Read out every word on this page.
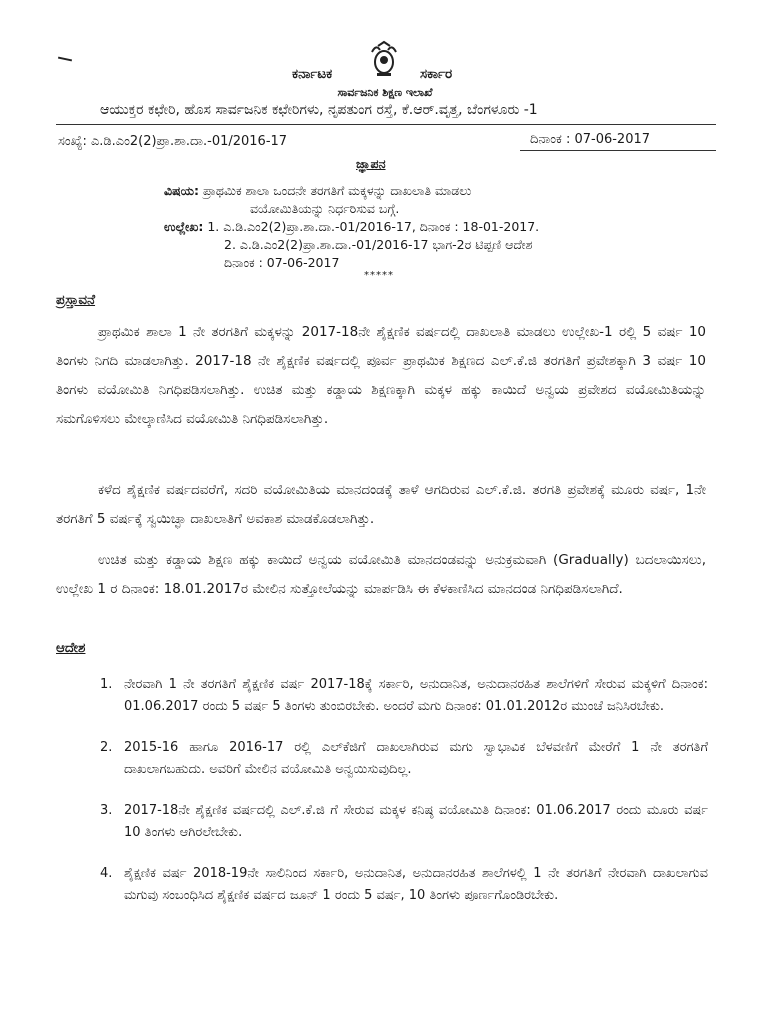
ಕರ್ನಾಟಕ	ಸರ್ಕಾರ
ಸಾರ್ವಜನಿಕ ಶಿಕ್ಷಣ ಇಲಾಖೆ
ಆಯುಕ್ತರ ಕಛೇರಿ, ಹೊಸ ಸಾರ್ವಜನಿಕ ಕಛೇರಿಗಳು, ನೃಪತುಂಗ ರಸ್ತೆ, ಕೆ.ಆರ್.ವೃತ್ತ, ಬೆಂಗಳೂರು -1
ಸಂಖ್ಯೆ: ಎ.ಡಿ.ಎಂ2(2)ಪ್ರಾ.ಶಾ.ದಾ.-01/2016-17	ದಿನಾಂಕ : 07-06-2017
ಜ್ಞಾಪನ
ವಿಷಯ: ಪ್ರಾಥಮಿಕ ಶಾಲಾ ಒಂದನೇ ತರಗತಿಗೆ ಮಕ್ಕಳನ್ನು ದಾಖಲಾತಿ ಮಾಡಲು
ವಯೋಮಿತಿಯನ್ನು ನಿರ್ಧರಿಸುವ ಬಗ್ಗೆ.
ಉಲ್ಲೇಖ: 1. ಎ.ಡಿ.ಎಂ2(2)ಪ್ರಾ.ಶಾ.ದಾ.-01/2016-17, ದಿನಾಂಕ : 18-01-2017.
2. ಎ.ಡಿ.ಎಂ2(2)ಪ್ರಾ.ಶಾ.ದಾ.-01/2016-17 ಭಾಗ-2ರ ಟಿಪ್ಪಣಿ ಆದೇಶ
ದಿನಾಂಕ : 07-06-2017
*****
ಪ್ರಸ್ತಾವನೆ

ಪ್ರಾಥಮಿಕ ಶಾಲಾ 1 ನೇ ತರಗತಿಗೆ ಮಕ್ಕಳನ್ನು 2017-18ನೇ ಶೈಕ್ಷಣಿಕ ವರ್ಷದಲ್ಲಿ ದಾಖಲಾತಿ ಮಾಡಲು ಉಲ್ಲೇಖ-1 ರಲ್ಲಿ 5 ವರ್ಷ 10 ತಿಂಗಳು ನಿಗದಿ ಮಾಡಲಾಗಿತ್ತು. 2017-18 ನೇ ಶೈಕ್ಷಣಿಕ ವರ್ಷದಲ್ಲಿ ಪೂರ್ವ ಪ್ರಾಥಮಿಕ ಶಿಕ್ಷಣದ ಎಲ್.ಕೆ.ಜಿ ತರಗತಿಗೆ ಪ್ರವೇಶಕ್ಕಾಗಿ 3 ವರ್ಷ 10 ತಿಂಗಳು ವಯೋಮಿತಿ ನಿಗಧಿಪಡಿಸಲಾಗಿತ್ತು. ಉಚಿತ ಮತ್ತು ಕಡ್ಡಾಯ ಶಿಕ್ಷಣಕ್ಕಾಗಿ ಮಕ್ಕಳ ಹಕ್ಕು ಕಾಯಿದೆ ಅನ್ವಯ ಪ್ರವೇಶದ ವಯೋಮಿತಿಯನ್ನು ಸಮಗೊಳಿಸಲು ಮೇಲ್ಕಾಣಿಸಿದ ವಯೋಮಿತಿ ನಿಗಧಿಪಡಿಸಲಾಗಿತ್ತು.

ಕಳೆದ ಶೈಕ್ಷಣಿಕ ವರ್ಷದವರೆಗೆ, ಸದರಿ ವಯೋಮಿತಿಯ ಮಾನದಂಡಕ್ಕೆ ತಾಳೆ ಆಗದಿರುವ ಎಲ್.ಕೆ.ಜಿ. ತರಗತಿ ಪ್ರವೇಶಕ್ಕೆ ಮೂರು ವರ್ಷ, 1ನೇ ತರಗತಿಗೆ 5 ವರ್ಷಕ್ಕೆ ಸ್ವಯಿಚ್ಛಾ ದಾಖಲಾತಿಗೆ ಅವಕಾಶ ಮಾಡಕೊಡಲಾಗಿತ್ತು.

ಉಚಿತ ಮತ್ತು ಕಡ್ಡಾಯ ಶಿಕ್ಷಣ ಹಕ್ಕು ಕಾಯಿದೆ ಅನ್ವಯ ವಯೋಮಿತಿ ಮಾನದಂಡವನ್ನು ಅನುಕ್ರಮವಾಗಿ (Gradually) ಬದಲಾಯಿಸಲು, ಉಲ್ಲೇಖ 1 ರ ದಿನಾಂಕ: 18.01.2017ರ ಮೇಲಿನ ಸುತ್ತೋಲೆಯನ್ನು ಮಾರ್ಪಡಿಸಿ ಈ ಕೆಳಕಾಣಿಸಿದ ಮಾನದಂಡ ನಿಗಧಿಪಡಿಸಲಾಗಿದೆ.

ಆದೇಶ
1. ನೇರವಾಗಿ 1 ನೇ ತರಗತಿಗೆ ಶೈಕ್ಷಣಿಕ ವರ್ಷ 2017-18ಕ್ಕೆ ಸರ್ಕಾರಿ, ಅನುದಾನಿತ, ಅನುದಾನರಹಿತ ಶಾಲೆಗಳಿಗೆ ಸೇರುವ ಮಕ್ಕಳಿಗೆ ದಿನಾಂಕ: 01.06.2017 ರಂದು 5 ವರ್ಷ 5 ತಿಂಗಳು ತುಂಬಿರಬೇಕು. ಅಂದರೆ ಮಗು ದಿನಾಂಕ: 01.01.2012ರ ಮುಂಚೆ ಜನಿಸಿರಬೇಕು.
2. 2015-16 ಹಾಗೂ 2016-17 ರಲ್ಲಿ ಎಲ್‌ಕೆಜಿಗೆ ದಾಖಲಾಗಿರುವ ಮಗು ಸ್ವಾಭಾವಿಕ ಬೆಳವಣಿಗೆ ಮೇರೆಗೆ 1 ನೇ ತರಗತಿಗೆ ದಾಖಲಾಗಬಹುದು. ಅವರಿಗೆ ಮೇಲಿನ ವಯೋಮಿತಿ ಅನ್ವಯಿಸುವುದಿಲ್ಲ.
3. 2017-18ನೇ ಶೈಕ್ಷಣಿಕ ವರ್ಷದಲ್ಲಿ ಎಲ್.ಕೆ.ಜಿ ಗೆ ಸೇರುವ ಮಕ್ಕಳ ಕನಿಷ್ಠ ವಯೋಮಿತಿ ದಿನಾಂಕ: 01.06.2017 ರಂದು ಮೂರು ವರ್ಷ 10 ತಿಂಗಳು ಆಗಿರಲೇಬೇಕು.
4. ಶೈಕ್ಷಣಿಕ ವರ್ಷ 2018-19ನೇ ಸಾಲಿನಿಂದ ಸರ್ಕಾರಿ, ಅನುದಾನಿತ, ಅನುದಾನರಹಿತ ಶಾಲೆಗಳಲ್ಲಿ 1 ನೇ ತರಗತಿಗೆ ನೇರವಾಗಿ ದಾಖಲಾಗುವ ಮಗುವು ಸಂಬಂಧಿಸಿದ ಶೈಕ್ಷಣಿಕ ವರ್ಷದ ಜೂನ್ 1 ರಂದು 5 ವರ್ಷ, 10 ತಿಂಗಳು ಪೂರ್ಣಗೊಂಡಿರಬೇಕು.
